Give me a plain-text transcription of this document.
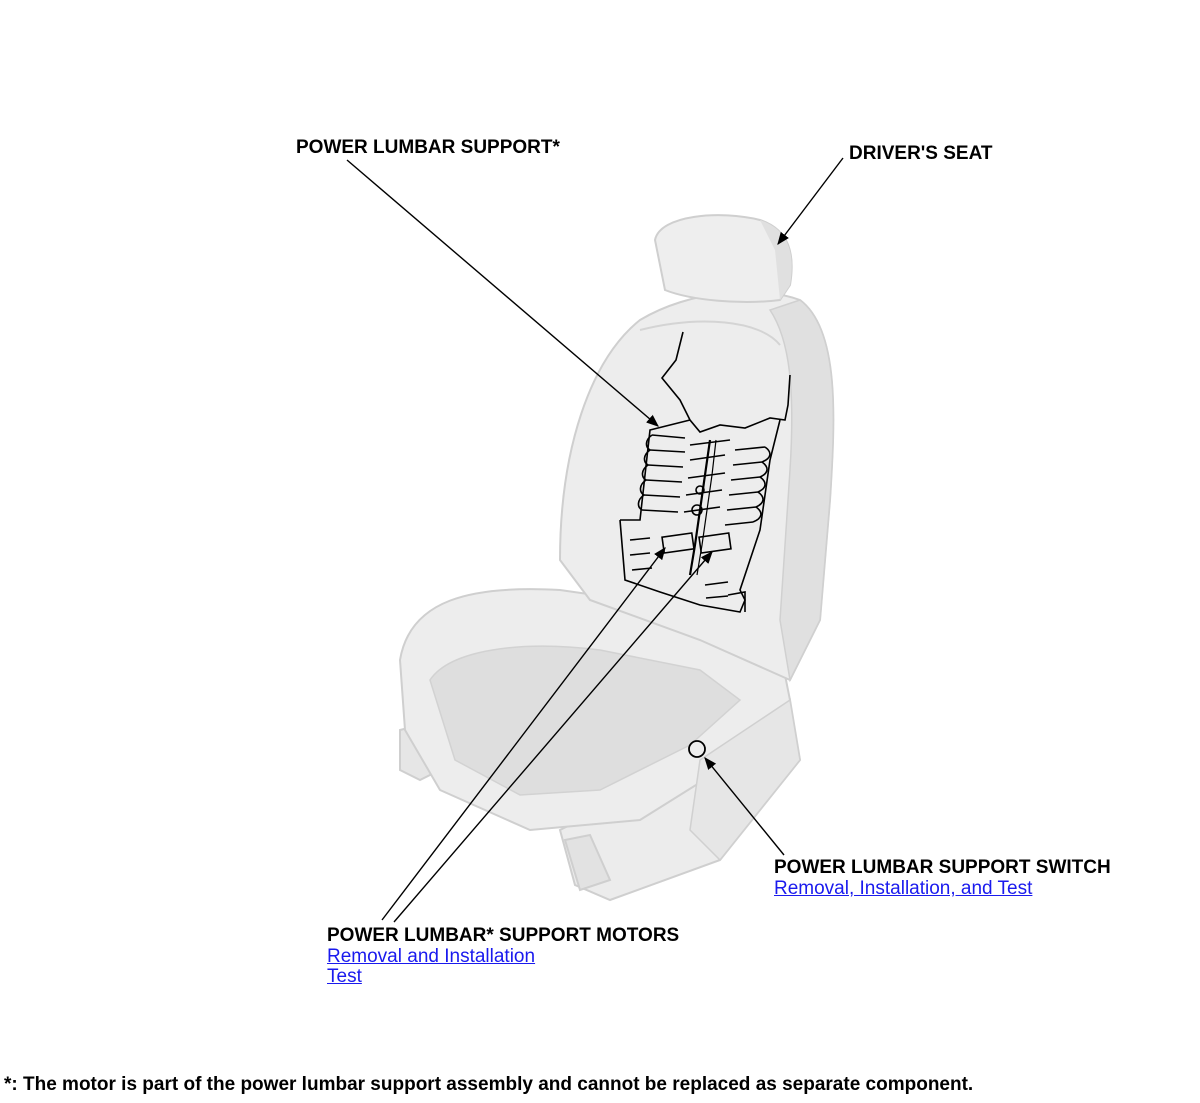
POWER LUMBAR SUPPORT*	DRIVER'S SEAT
POWER LUMBAR SUPPORT SWITCH
Removal, Installation, and Test
POWER LUMBAR* SUPPORT MOTORS
Removal and Installation
Test
*: The motor is part of the power lumbar support assembly and cannot be replaced as separate component.
